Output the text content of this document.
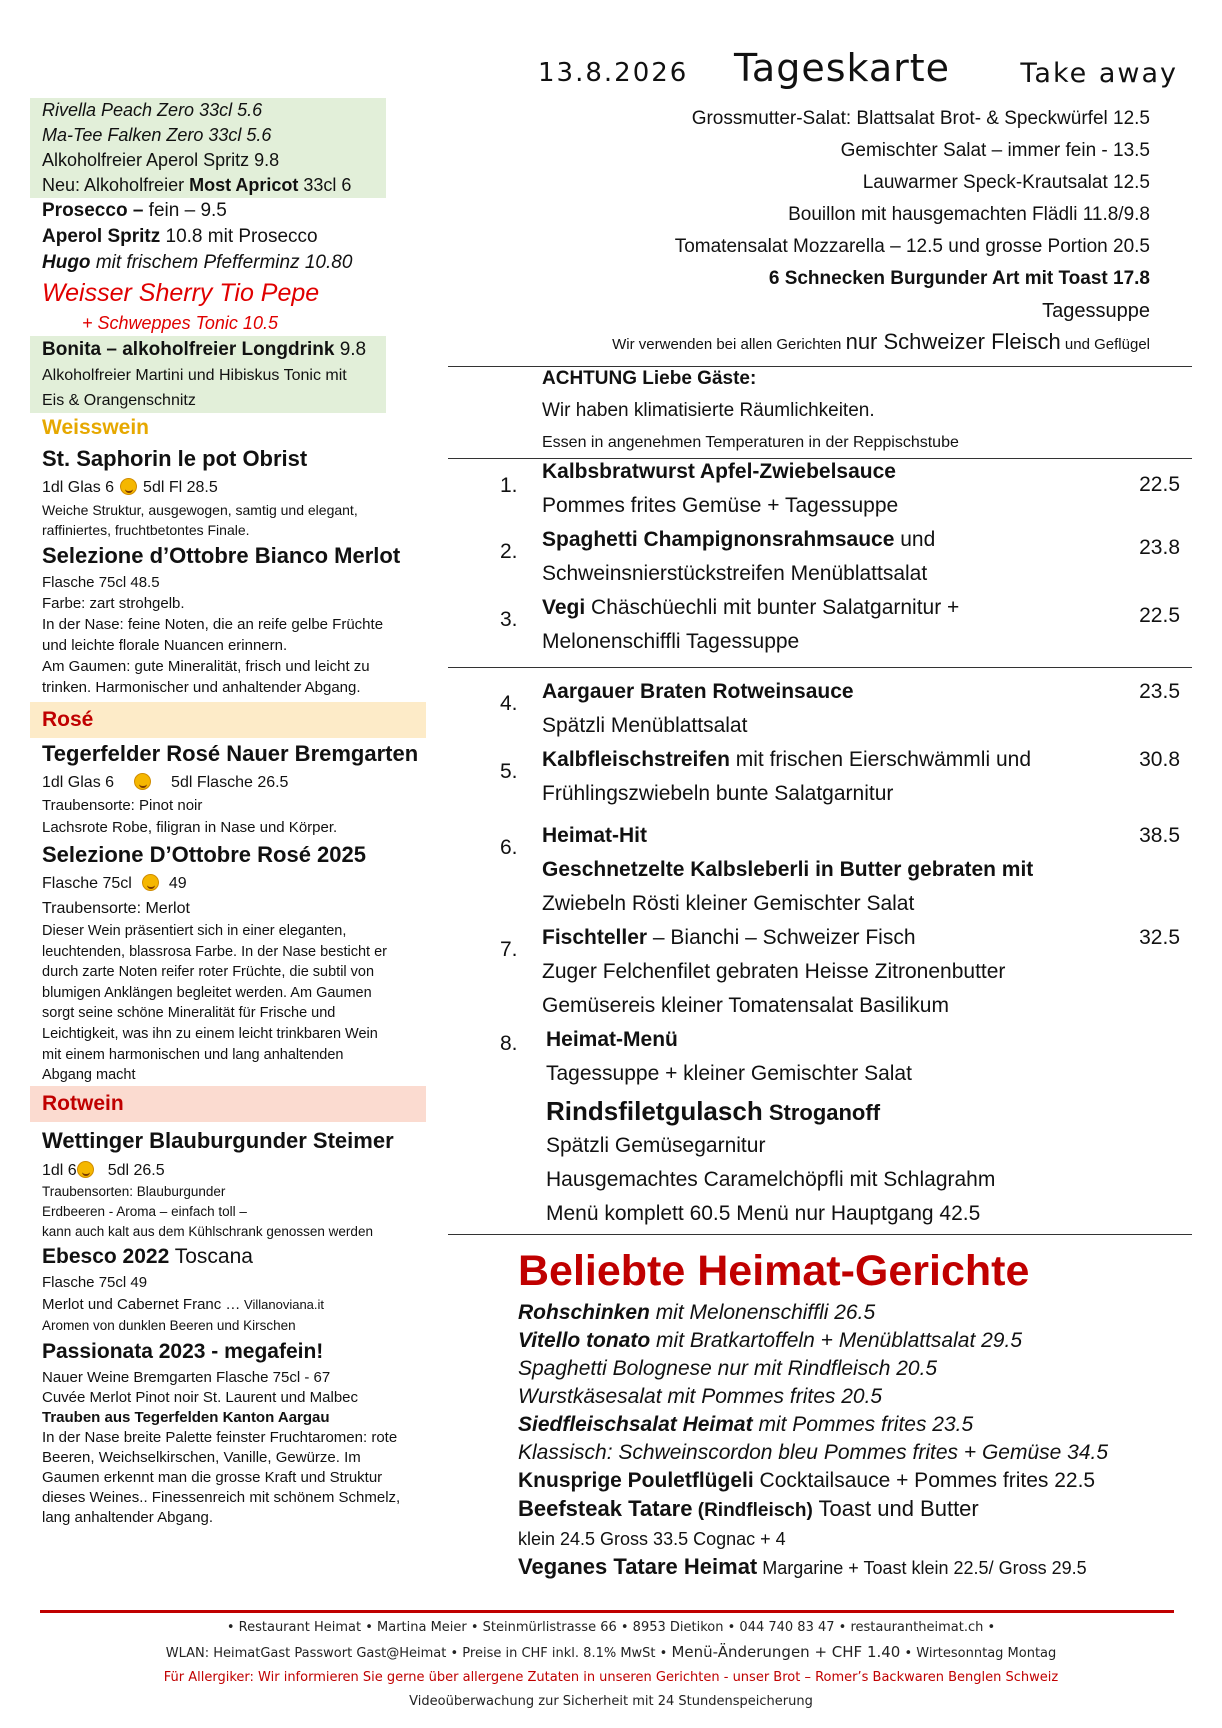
13.8.2026 Tageskarte	Take away
Rivella Peach Zero 33cl 5.6
Ma-Tee Falken Zero 33cl 5.6
Alkoholfreier Aperol Spritz 9.8
Neu: Alkoholfreier Most Apricot 33cl 6
Prosecco – fein – 9.5
Aperol Spritz 10.8 mit Prosecco
Hugo mit frischem Pfefferminz 10.80
Weisser Sherry Tio Pepe
+ Schweppes Tonic 10.5
Bonita – alkoholfreier Longdrink 9.8
Alkoholfreier Martini und Hibiskus Tonic mit
Eis & Orangenschnitz
Weisswein
St. Saphorin le pot Obrist
1dl Glas 6 5dl Fl 28.5
Weiche Struktur, ausgewogen, samtig und elegant,
raffiniertes, fruchtbetontes Finale.
Selezione d’Ottobre Bianco Merlot
Flasche 75cl 48.5
Farbe: zart strohgelb.
In der Nase: feine Noten, die an reife gelbe Früchte
und leichte florale Nuancen erinnern.
Am Gaumen: gute Mineralität, frisch und leicht zu
trinken. Harmonischer und anhaltender Abgang.
Rosé
Tegerfelder Rosé Nauer Bremgarten
1dl Glas 6	5dl Flasche 26.5
Traubensorte: Pinot noir
Lachsrote Robe, filigran in Nase und Körper.
Selezione D’Ottobre Rosé 2025
Flasche 75cl 49
Traubensorte: Merlot
Dieser Wein präsentiert sich in einer eleganten,
leuchtenden, blassrosa Farbe. In der Nase besticht er
durch zarte Noten reifer roter Früchte, die subtil von
blumigen Anklängen begleitet werden. Am Gaumen
sorgt seine schöne Mineralität für Frische und
Leichtigkeit, was ihn zu einem leicht trinkbaren Wein
mit einem harmonischen und lang anhaltenden
Abgang macht
Rotwein
Wettinger Blauburgunder Steimer
1dl 6 5dl 26.5
Traubensorten: Blauburgunder
Erdbeeren - Aroma – einfach toll –
kann auch kalt aus dem Kühlschrank genossen werden
Ebesco 2022 Toscana
Flasche 75cl 49
Merlot und Cabernet Franc … Villanoviana.it
Aromen von dunklen Beeren und Kirschen
Passionata 2023 - megafein!
Nauer Weine Bremgarten Flasche 75cl - 67
Cuvée Merlot Pinot noir St. Laurent und Malbec
Trauben aus Tegerfelden Kanton Aargau
In der Nase breite Palette feinster Fruchtaromen: rote
Beeren, Weichselkirschen, Vanille, Gewürze. Im
Gaumen erkennt man die grosse Kraft und Struktur
dieses Weines.. Finessenreich mit schönem Schmelz,
lang anhaltender Abgang.
Grossmutter-Salat: Blattsalat Brot- & Speckwürfel 12.5
Gemischter Salat – immer fein - 13.5
Lauwarmer Speck-Krautsalat 12.5
Bouillon mit hausgemachten Flädli 11.8/9.8
Tomatensalat Mozzarella – 12.5 und grosse Portion 20.5
6 Schnecken Burgunder Art mit Toast 17.8
Tagessuppe
Wir verwenden bei allen Gerichten nur Schweizer Fleisch und Geflügel
ACHTUNG Liebe Gäste:
Wir haben klimatisierte Räumlichkeiten.
Essen in angenehmen Temperaturen in der Reppischstube
1.	22.5
Kalbsbratwurst Apfel-Zwiebelsauce
Pommes frites Gemüse + Tagessuppe
2.	23.8
Spaghetti Champignonsrahmsauce und
Schweinsnierstückstreifen Menüblattsalat
3.	22.5
Vegi Chäschüechli mit bunter Salatgarnitur +
Melonenschiffli Tagessuppe
4.
23.5
Aargauer Braten Rotweinsauce
Spätzli Menüblattsalat
5.
30.8
Kalbfleischstreifen mit frischen Eierschwämmli und
Frühlingszwiebeln bunte Salatgarnitur
6.
38.5
Heimat-Hit
Geschnetzelte Kalbsleberli in Butter gebraten mit
Zwiebeln Rösti kleiner Gemischter Salat
7.
32.5
Fischteller – Bianchi – Schweizer Fisch
Zuger Felchenfilet gebraten Heisse Zitronenbutter
Gemüsereis kleiner Tomatensalat Basilikum
8. Heimat-Menü
Tagessuppe + kleiner Gemischter Salat
Rindsfiletgulasch Stroganoff
Spätzli Gemüsegarnitur
Hausgemachtes Caramelchöpfli mit Schlagrahm
Menü komplett 60.5 Menü nur Hauptgang 42.5
Beliebte Heimat-Gerichte
Rohschinken mit Melonenschiffli 26.5
Vitello tonato mit Bratkartoffeln + Menüblattsalat 29.5
Spaghetti Bolognese nur mit Rindfleisch 20.5
Wurstkäsesalat mit Pommes frites 20.5
Siedfleischsalat Heimat mit Pommes frites 23.5
Klassisch: Schweinscordon bleu Pommes frites + Gemüse 34.5
Knusprige Pouletflügeli Cocktailsauce + Pommes frites 22.5
Beefsteak Tatare (Rindfleisch) Toast und Butter
klein 24.5 Gross 33.5 Cognac + 4
Veganes Tatare Heimat Margarine + Toast klein 22.5/ Gross 29.5
• Restaurant Heimat • Martina Meier • Steinmürlistrasse 66 • 8953 Dietikon • 044 740 83 47 • restaurantheimat.ch •
WLAN: HeimatGast Passwort Gast@Heimat • Preise in CHF inkl. 8.1% MwSt • Menü-Änderungen + CHF 1.40 • Wirtesonntag Montag
Für Allergiker: Wir informieren Sie gerne über allergene Zutaten in unseren Gerichten - unser Brot – Romer’s Backwaren Benglen Schweiz
Videoüberwachung zur Sicherheit mit 24 Stundenspeicherung
